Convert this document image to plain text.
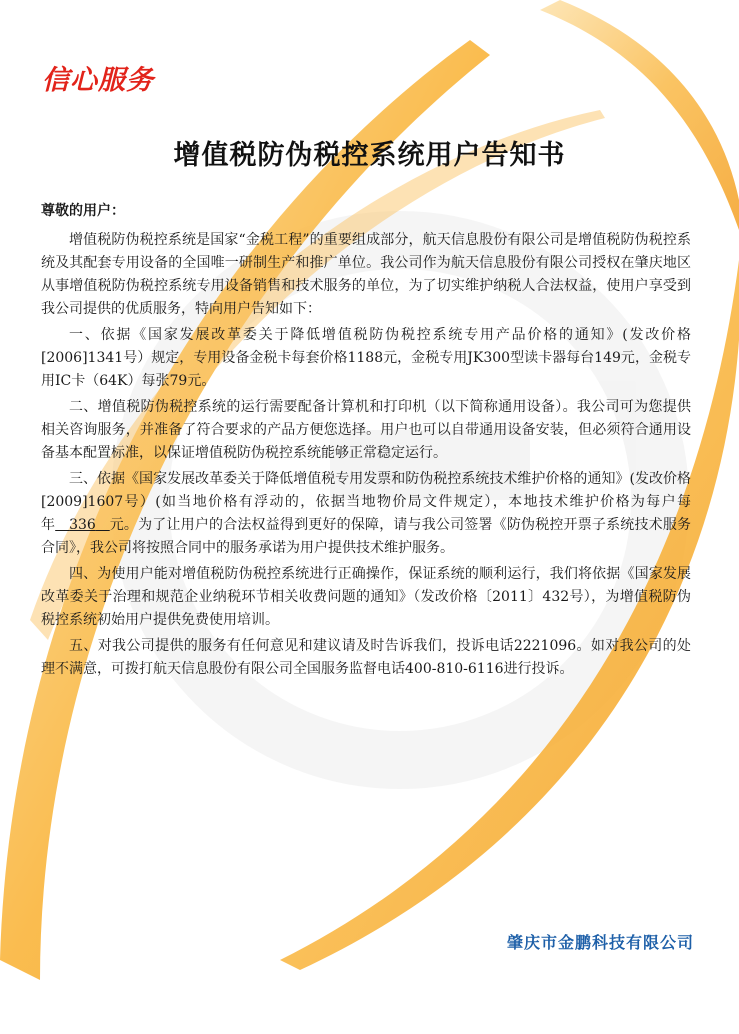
信心服务
增值税防伪税控系统用户告知书

尊敬的用户：

增值税防伪税控系统是国家“金税工程”的重要组成部分，航天信息股份有限公司是增值税防伪税控系统及其配套专用设备的全国唯一研制生产和推广单位。我公司作为航天信息股份有限公司授权在肇庆地区从事增值税防伪税控系统专用设备销售和技术服务的单位，为了切实维护纳税人合法权益，使用户享受到我公司提供的优质服务，特向用户告知如下：

一、依据《国家发展改革委关于降低增值税防伪税控系统专用产品价格的通知》(发改价格[2006]1341号）规定，专用设备金税卡每套价格1188元，金税专用JK300型读卡器每台149元，金税专用IC卡（64K）每张79元。

二、增值税防伪税控系统的运行需要配备计算机和打印机（以下简称通用设备）。我公司可为您提供相关咨询服务，并准备了符合要求的产品方便您选择。用户也可以自带通用设备安装，但必须符合通用设备基本配置标准，以保证增值税防伪税控系统能够正常稳定运行。

三、依据《国家发展改革委关于降低增值税专用发票和防伪税控系统技术维护价格的通知》(发改价格[2009]1607号）(如当地价格有浮动的，依据当地物价局文件规定），本地技术维护价格为每户每年 336 元。为了让用户的合法权益得到更好的保障，请与我公司签署《防伪税控开票子系统技术服务合同》，我公司将按照合同中的服务承诺为用户提供技术维护服务。

四、为使用户能对增值税防伪税控系统进行正确操作，保证系统的顺利运行，我们将依据《国家发展改革委关于治理和规范企业纳税环节相关收费问题的通知》（发改价格〔2011〕432号），为增值税防伪税控系统初始用户提供免费使用培训。

五、对我公司提供的服务有任何意见和建议请及时告诉我们，投诉电话2221096。如对我公司的处理不满意，可拨打航天信息股份有限公司全国服务监督电话400-810-6116进行投诉。

肇庆市金鹏科技有限公司
